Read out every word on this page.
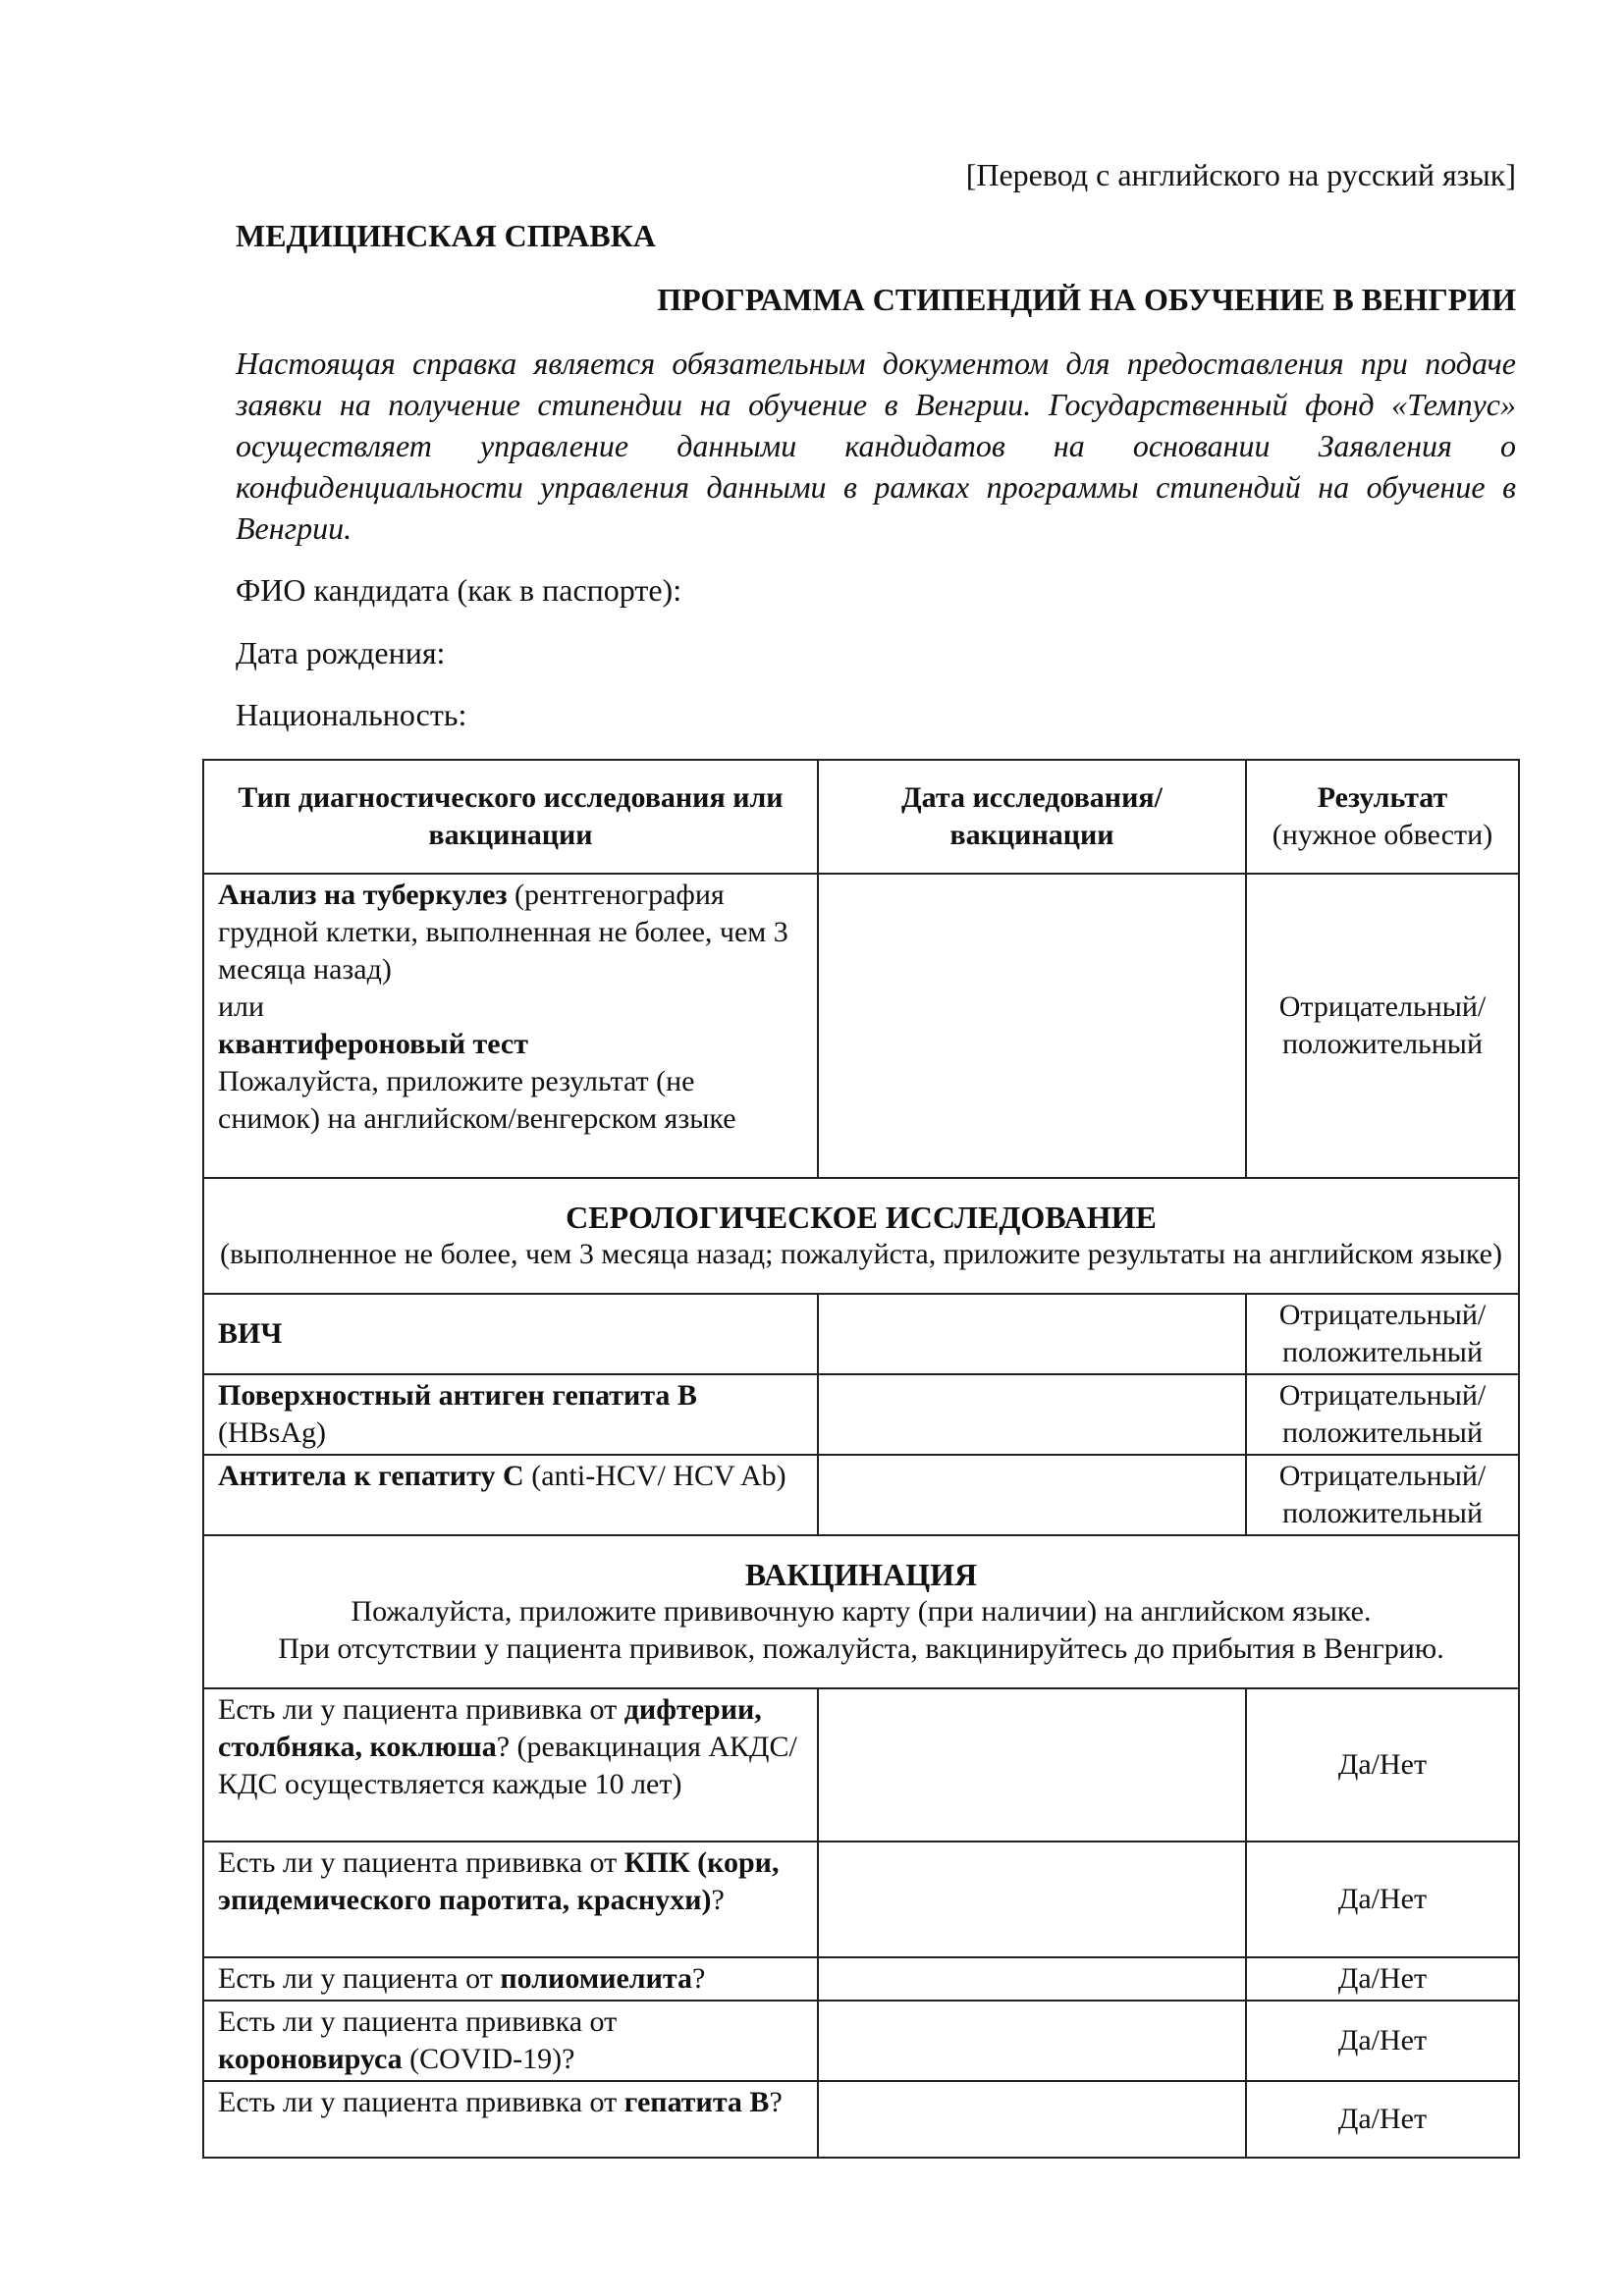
[Перевод с английского на русский язык]
МЕДИЦИНСКАЯ СПРАВКА
ПРОГРАММА СТИПЕНДИЙ НА ОБУЧЕНИЕ В ВЕНГРИИ
Настоящая справка является обязательным документом для предоставления при подаче заявки на получение стипендии на обучение в Венгрии. Государственный фонд «Темпус» осуществляет управление данными кандидатов на основании Заявления о конфиденциальности управления данными в рамках программы стипендий на обучение в Венгрии.
ФИО кандидата (как в паспорте):
Дата рождения:
Национальность:
Тип диагностического исследования или вакцинации	Дата исследования/вакцинации	Результат
(нужное обвести)

Анализ на туберкулез (рентгенография грудной клетки, выполненная не более, чем 3 месяца назад)
или
квантифероновый тест
Пожалуйста, приложите результат (не снимок) на английском/венгерском языке		Отрицательный/ положительный

СЕРОЛОГИЧЕСКОЕ ИССЛЕДОВАНИЕ
(выполненное не более, чем 3 месяца назад; пожалуйста, приложите результаты на английском языке)		

ВИЧ		Отрицательный/ положительный
Поверхностный антиген гепатита В (HBsAg)		Отрицательный/ положительный
Антитела к гепатиту С (anti-HCV/ HCV Ab)		Отрицательный/ положительный

ВАКЦИНАЦИЯ
Пожалуйста, приложите прививочную карту (при наличии) на английском языке.
При отсутствии у пациента прививок, пожалуйста, вакцинируйтесь до прибытия в Венгрию.		

Есть ли у пациента прививка от дифтерии, столбняка, коклюша? (ревакцинация АКДС/КДС осуществляется каждые 10 лет)		Да/Нет
Есть ли у пациента прививка от КПК (кори, эпидемического паротита, краснухи)?		Да/Нет
Есть ли у пациента от полиомиелита?		Да/Нет
Есть ли у пациента прививка от короновируса (COVID-19)?		Да/Нет
Есть ли у пациента прививка от гепатита В?		Да/Нет
